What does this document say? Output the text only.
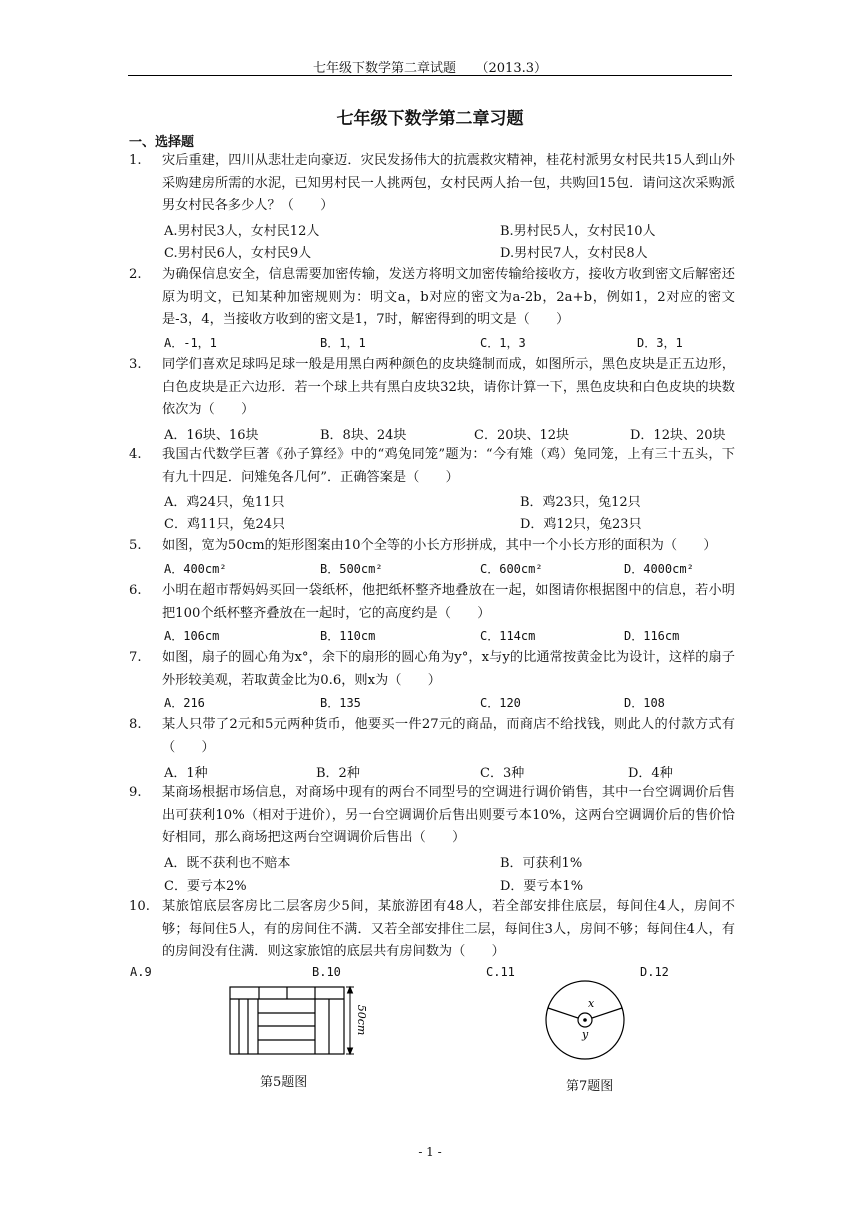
七年级下数学第二章试题　　（2013.3）
七年级下数学第二章习题
一、选择题
1. 灾后重建，四川从悲壮走向豪迈．灾民发扬伟大的抗震救灾精神，桂花村派男女村民共15人到山外采购建房所需的水泥，已知男村民一人挑两包，女村民两人抬一包，共购回15包．请问这次采购派男女村民各多少人？（　　）
A.男村民3人，女村民12人	B.男村民5人，女村民10人
C.男村民6人，女村民9人	D.男村民7人，女村民8人
2. 为确保信息安全，信息需要加密传输，发送方将明文加密传输给接收方，接收方收到密文后解密还原为明文，已知某种加密规则为：明文a，b对应的密文为a-2b，2a+b，例如1，2对应的密文是-3，4，当接收方收到的密文是1，7时，解密得到的明文是（　　）
A．-1，1	B．1，1	C．1，3	D．3，1
3. 同学们喜欢足球吗足球一般是用黑白两种颜色的皮块缝制而成，如图所示，黑色皮块是正五边形，白色皮块是正六边形．若一个球上共有黑白皮块32块，请你计算一下，黑色皮块和白色皮块的块数依次为（　　）
A．16块、16块	B．8块、24块	C．20块、12块	D．12块、20块
4. 我国古代数学巨著《孙子算经》中的“鸡兔同笼”题为：“今有雉（鸡）兔同笼，上有三十五头，下有九十四足．问雉兔各几何”．正确答案是（　　）
A．鸡24只，兔11只	B．鸡23只，兔12只
C．鸡11只，兔24只	D．鸡12只，兔23只
5. 如图，宽为50cm的矩形图案由10个全等的小长方形拼成，其中一个小长方形的面积为（　　）
A．400cm²	B．500cm²	C．600cm²	D．4000cm²
6. 小明在超市帮妈妈买回一袋纸杯，他把纸杯整齐地叠放在一起，如图请你根据图中的信息，若小明把100个纸杯整齐叠放在一起时，它的高度约是（　　）
A．106cm	B．110cm	C．114cm	D．116cm
7. 如图，扇子的圆心角为x°，余下的扇形的圆心角为y°，x与y的比通常按黄金比为设计，这样的扇子外形较美观，若取黄金比为0.6，则x为（　　）
A．216	B．135	C．120	D．108
8. 某人只带了2元和5元两种货币，他要买一件27元的商品，而商店不给找钱，则此人的付款方式有（　　）
A．1种	B．2种	C．3种	D．4种
9. 某商场根据市场信息，对商场中现有的两台不同型号的空调进行调价销售，其中一台空调调价后售出可获利10%（相对于进价），另一台空调调价后售出则要亏本10%，这两台空调调价后的售价恰好相同，那么商场把这两台空调调价后售出（　　）
A．既不获利也不赔本	B．可获利1%
C．要亏本2%	D．要亏本1%
10. 某旅馆底层客房比二层客房少5间，某旅游团有48人，若全部安排住底层，每间住4人，房间不够；每间住5人，有的房间住不满．又若全部安排住二层，每间住3人，房间不够；每间住4人，有的房间没有住满．则这家旅馆的底层共有房间数为（　　）
A.9	B.10	C.11	D.12
50cm
第5题图
x
y
第7题图
- 1 -
